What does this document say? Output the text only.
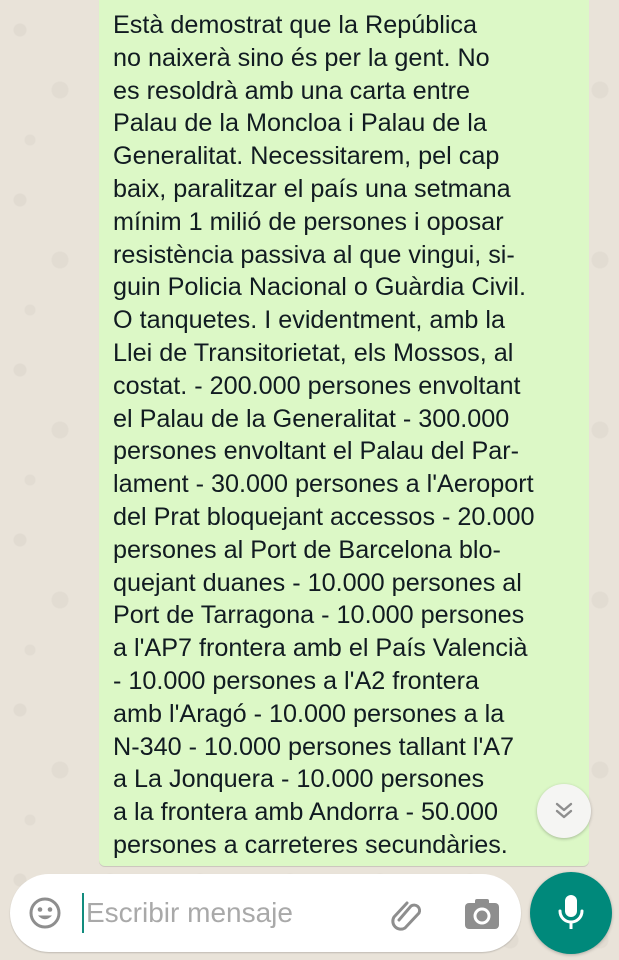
Està demostrat que la República
no naixerà sino és per la gent. No
es resoldrà amb una carta entre
Palau de la Moncloa i Palau de la
Generalitat. Necessitarem, pel cap
baix, paralitzar el país una setmana
mínim 1 milió de persones i oposar
resistència passiva al que vingui, si-
guin Policia Nacional o Guàrdia Civil.
O tanquetes. I evidentment, amb la
Llei de Transitorietat, els Mossos, al
costat. - 200.000 persones envoltant
el Palau de la Generalitat - 300.000
persones envoltant el Palau del Par-
lament - 30.000 persones a l'Aeroport
del Prat bloquejant accessos - 20.000
persones al Port de Barcelona blo-
quejant duanes - 10.000 persones al
Port de Tarragona - 10.000 persones
a l'AP7 frontera amb el País Valencià
- 10.000 persones a l'A2 frontera
amb l'Aragó - 10.000 persones a la
N-340 - 10.000 persones tallant l'A7
a La Jonquera - 10.000 persones
a la frontera amb Andorra - 50.000
persones a carreteres secundàries.

Escribir mensaje
